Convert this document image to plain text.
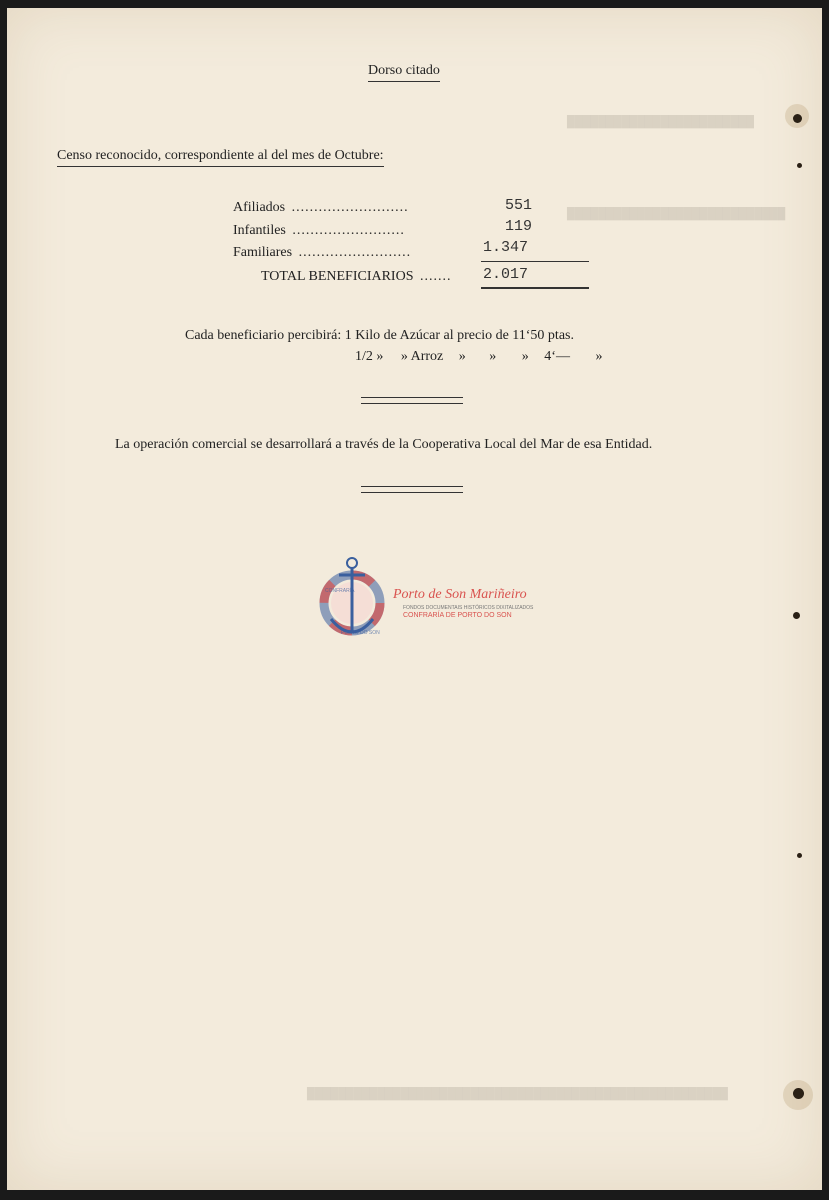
████████████████████████
████████████████████████████
██████████████████████████████████████████████████████
Dorso citado
Censo reconocido, correspondiente al del mes de Octubre:
Afiliados ..........................	551
Infantiles .........................	119
Familiares .........................	1.347
TOTAL BENEFICIARIOS ....... 2.017
Cada beneficiario percibirá: 1 Kilo de Azúcar al precio de 11‘50 ptas.
1/2 » » Arroz » » » 4‘— »
La operación comercial se desarrollará a través de la Cooperativa Local del Mar de esa Entidad.
CONFRARÍA
PORTO DO SON
Porto de Son Mariñeiro
FONDOS DOCUMENTAIS HISTÓRICOS DIXITALIZADOS
CONFRARÍA DE PORTO DO SON
